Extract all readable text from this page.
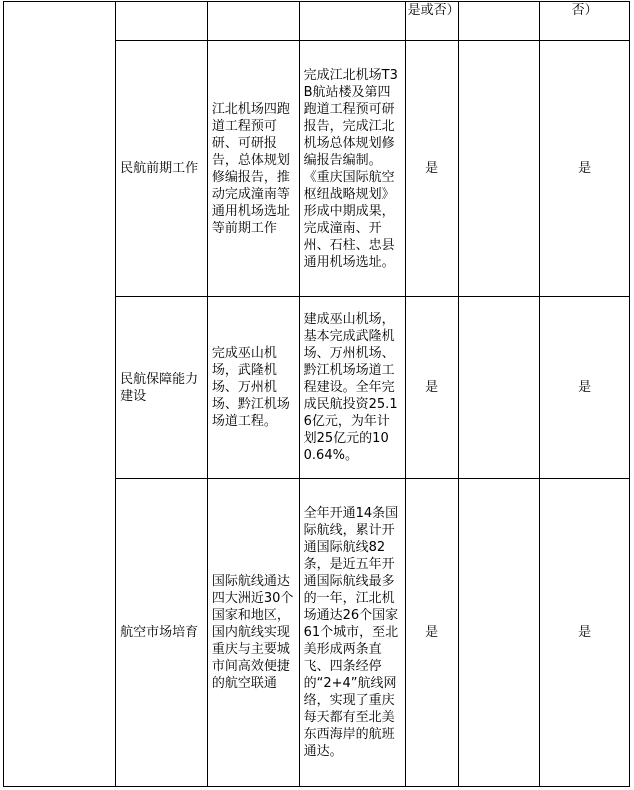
				是或否）		否）
	民航前期工作	江北机场四跑道工程预可研、可研报告，总体规划修编报告，推动完成潼南等通用机场选址等前期工作	完成江北机场T3B航站楼及第四跑道工程预可研报告，完成江北机场总体规划修编报告编制。《重庆国际航空枢纽战略规划》形成中期成果，完成潼南、开州、石柱、忠县通用机场选址。	是		是
	民航保障能力建设	完成巫山机场，武隆机场、万州机场、黔江机场场道工程。	建成巫山机场，基本完成武隆机场、万州机场、黔江机场场道工程建设。全年完成民航投资25.16亿元，为年计划25亿元的100.64%。	是		是
	航空市场培育	国际航线通达四大洲近30个国家和地区，国内航线实现重庆与主要城市间高效便捷的航空联通	全年开通14条国际航线，累计开通国际航线82条，是近五年开通国际航线最多的一年，江北机场通达26个国家61个城市，至北美形成两条直飞、四条经停的“2+4”航线网络，实现了重庆每天都有至北美东西海岸的航班通达。	是		是
